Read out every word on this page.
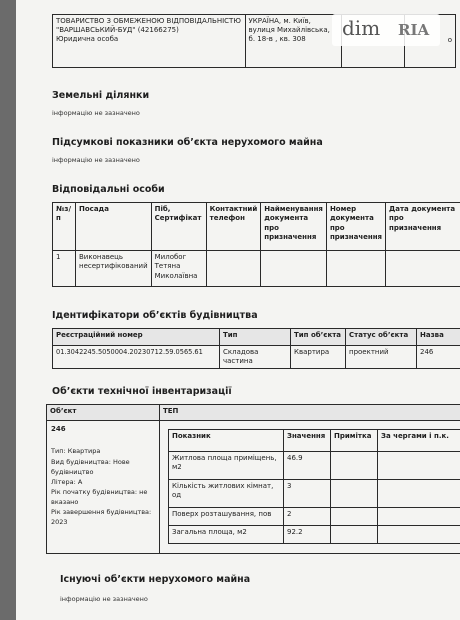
ТОВАРИСТВО З ОБМЕЖЕНОЮ ВІДПОВІДАЛЬНІСТЮ "ВАРШАВСЬКИЙ-БУД" (42166275)
Юридична особа

УКРАЇНА, м. Київ, вулиця Михайлівська, б. 18-в , кв. 308		о
dim RIA
Земельні ділянки
інформацію не зазначено
Підсумкові показники об’єкта нерухомого майна
інформацію не зазначено
Відповідальні особи
№з/п	Посада	Піб, Сертифікат	Контактний телефон	Найменування документа про призначення	Номер документа про призначення	Дата документа про призначення
1	Виконавець несертифікований	Милобог Тетяна Миколаївна				
Ідентифікатори об’єктів будівництва
Реєстраційний номер	Тип	Тип об’єкта	Статус об’єкта	Назва
01.3042245.5050004.20230712.59.0565.61	Складова частина	Квартира	проектний	246
Об’єкти технічної інвентаризації
Об’єкт	ТЕП

246
Тип: Квартира
Вид будівництва: Нове будівництво
Літера: А
Рік початку будівництва: не вказано
Рік завершення будівництва: 2023

Показник	Значення	Примітка	За чергами і п.к.
Житлова площа приміщень, м2	46.9		
Кількість житлових кімнат, од	3		
Поверх розташування, пов	2		
Загальна площа, м2	92.2		
Існуючі об’єкти нерухомого майна
інформацію не зазначено
